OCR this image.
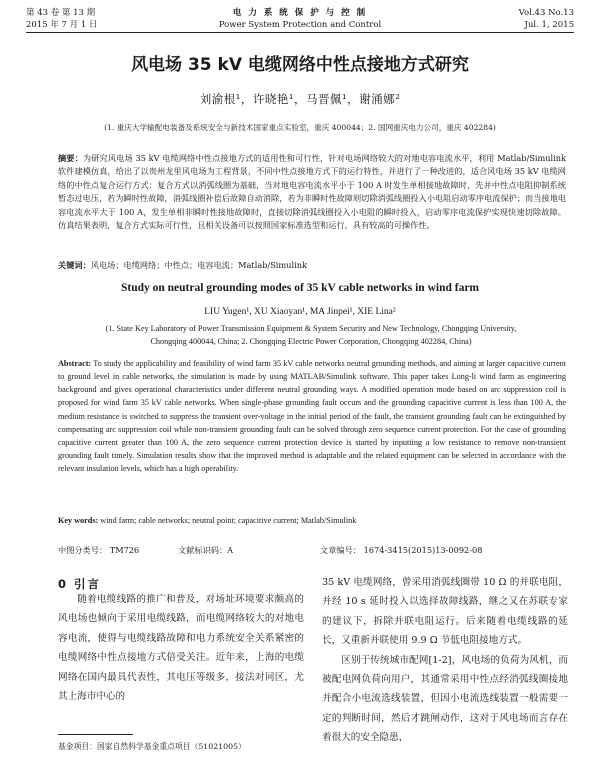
第 43 卷 第 13 期
2015 年 7 月 1 日
电 力 系 统 保 护 与 控 制
Power System Protection and Control
Vol.43 No.13
Jul. 1, 2015
风电场 35 kV 电缆网络中性点接地方式研究
刘渝根¹，许晓艳¹，马晋佩¹，谢涌娜²
(1. 重庆大学输配电装备及系统安全与新技术国家重点实验室，重庆 400044；2. 国网重庆电力公司，重庆 402284)
摘要：为研究风电场 35 kV 电缆网络中性点接地方式的适用性和可行性，针对电场网络较大的对地电容电流水平，利用 Matlab/Simulink 软件建模仿真，给出了以贵州龙里风电场为工程背景，不同中性点接地方式下的运行特性，并进行了一种改进的，适合风电场 35 kV 电缆网络的中性点复合运行方式：复合方式以消弧线圈为基础，当对地电容电流水平小于 100 A 时发生单相接地故障时，先并中性点电阻抑制系统暂态过电压，若为瞬时性故障，消弧线圈补偿后故障自动消除，若为非瞬时性故障则切除消弧线圈投入小电阻启动零序电流保护；而当接地电容电流水平大于 100 A，发生单相非瞬时性接地故障时，直接切除消弧线圈投入小电阻的瞬时投入，启动零序电流保护实现快速切除故障。仿真结果表明，复合方式实际可行性，且相关设备可以按照国家标准选型和运行，具有较高的可操作性。
关键词：风电场；电缆网络；中性点；电容电流；Matlab/Simulink
Study on neutral grounding modes of 35 kV cable networks in wind farm
LIU Yugen¹, XU Xiaoyan¹, MA Jinpei¹, XIE Lina²
(1. State Key Laboratory of Power Transmission Equipment & System Security and New Technology, Chongqing University, Chongqing 400044, China; 2. Chongqing Electric Power Corporation, Chongqing 402284, China)
Abstract: To study the applicability and feasibility of wind farm 35 kV cable networks neutral grounding methods, and aiming at larger capacitive current to ground level in cable networks, the simulation is made by using MATLAB/Simulink software. This paper takes Long-li wind farm as engineering background and gives operational characteristics under different neutral grounding ways. A modified operation mode based on arc suppression coil is proposed for wind farm 35 kV cable networks. When single-phase grounding fault occurs and the grounding capacitive current is less than 100 A, the medium resistance is switched to suppress the transient over-voltage in the initial period of the fault, the transient grounding fault can be extinguished by compensating arc suppression coil while non-transient grounding fault can be solved through zero sequence current protection. For the case of grounding capacitive current greater than 100 A, the zero sequence current protection device is started by inputting a low resistance to remove non-transient grounding fault timely. Simulation results show that the improved method is adaptable and the related equipment can be selected in accordance with the relevant insulation levels, which has a high operability.
Key words: wind farm; cable networks; neutral point; capacitive current; Matlab/Simulink
中图分类号： TM726	文献标识码：A	文章编号： 1674-3415(2015)13-0092-08
0 引言
随着电缆线路的推广和普及，对场址环境要求颇高的风电场也倾向于采用电缆线路，而电缆网络较大的对地电容电流，使得与电缆线路故障和电力系统安全关系紧密的电缆网络中性点接地方式倍受关注。近年来，上海的电缆网络在国内最具代表性，其电压等级多，接法对同区，尤其上海市中心的
35 kV 电缆网络，曾采用消弧线圈带 10 Ω 的并联电阻，并经 10 s 延时投入以选择故障线路，继之又在苏联专家的建议下，拆除并联电阻运行。后来随着电缆线路的延长，又重新并联使用 9.9 Ω 节低电阻接地方式。
区别于传统城市配网[1-2]，风电场的负荷为风机，而被配电网负荷向用户，其通常采用中性点经消弧线圈接地并配合小电流选线装置，但因小电流选线装置一般需要一定的判断时间，然后才跳闸动作，这对于风电场而言存在着很大的安全隐患，
基金项目：国家自然科学基金重点项目（51021005）
